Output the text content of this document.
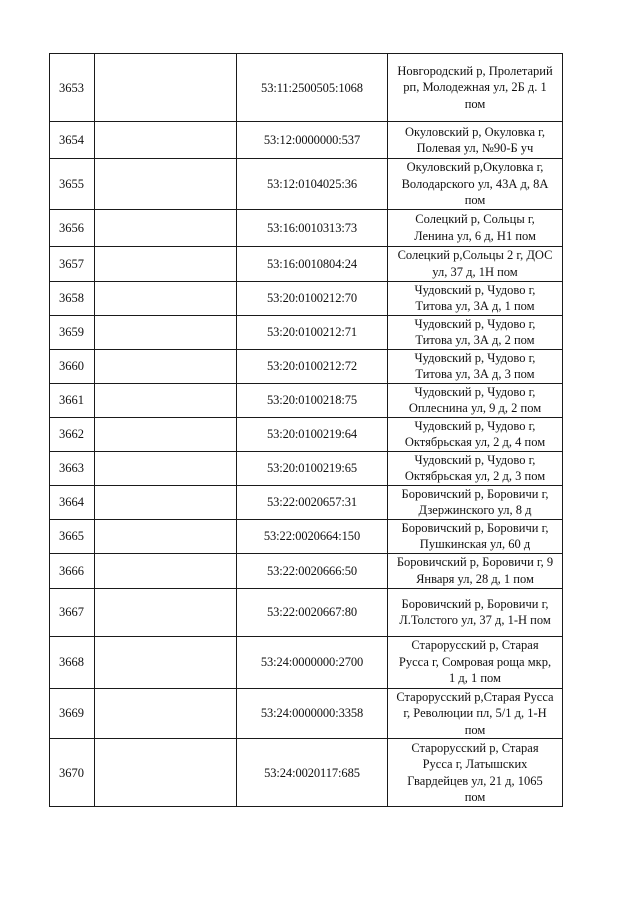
3653		53:11:2500505:1068	Новгородский р, Пролетарий
рп, Молодежная ул, 2Б д. 1
пом

3654		53:12:0000000:537	Окуловский р, Окуловка г,
Полевая ул, №90-Б уч

3655		53:12:0104025:36	Окуловский р,Окуловка г,
Володарского ул, 43А д, 8А
пом

3656		53:16:0010313:73	Солецкий р, Сольцы г,
Ленина ул, 6 д, Н1 пом

3657		53:16:0010804:24	Солецкий р,Сольцы 2 г, ДОС
ул, 37 д, 1Н пом

3658		53:20:0100212:70	Чудовский р, Чудово г,
Титова ул, 3А д, 1 пом

3659		53:20:0100212:71	Чудовский р, Чудово г,
Титова ул, 3А д, 2 пом

3660		53:20:0100212:72	Чудовский р, Чудово г,
Титова ул, 3А д, 3 пом

3661		53:20:0100218:75	Чудовский р, Чудово г,
Оплеснина ул, 9 д, 2 пом

3662		53:20:0100219:64	Чудовский р, Чудово г,
Октябрьская ул, 2 д, 4 пом

3663		53:20:0100219:65	Чудовский р, Чудово г,
Октябрьская ул, 2 д, 3 пом

3664		53:22:0020657:31	Боровичский р, Боровичи г,
Дзержинского ул, 8 д

3665		53:22:0020664:150	Боровичский р, Боровичи г,
Пушкинская ул, 60 д

3666		53:22:0020666:50	Боровичский р, Боровичи г, 9
Января ул, 28 д, 1 пом

3667		53:22:0020667:80	Боровичский р, Боровичи г,
Л.Толстого ул, 37 д, 1-Н пом

3668		53:24:0000000:2700	Старорусский р, Старая
Русса г, Сомровая роща мкр,
1 д, 1 пом

3669		53:24:0000000:3358	Старорусский р,Старая Русса
г, Революции пл, 5/1 д, 1-Н
пом

3670		53:24:0020117:685	Старорусский р, Старая
Русса г, Латышских
Гвардейцев ул, 21 д, 1065
пом
